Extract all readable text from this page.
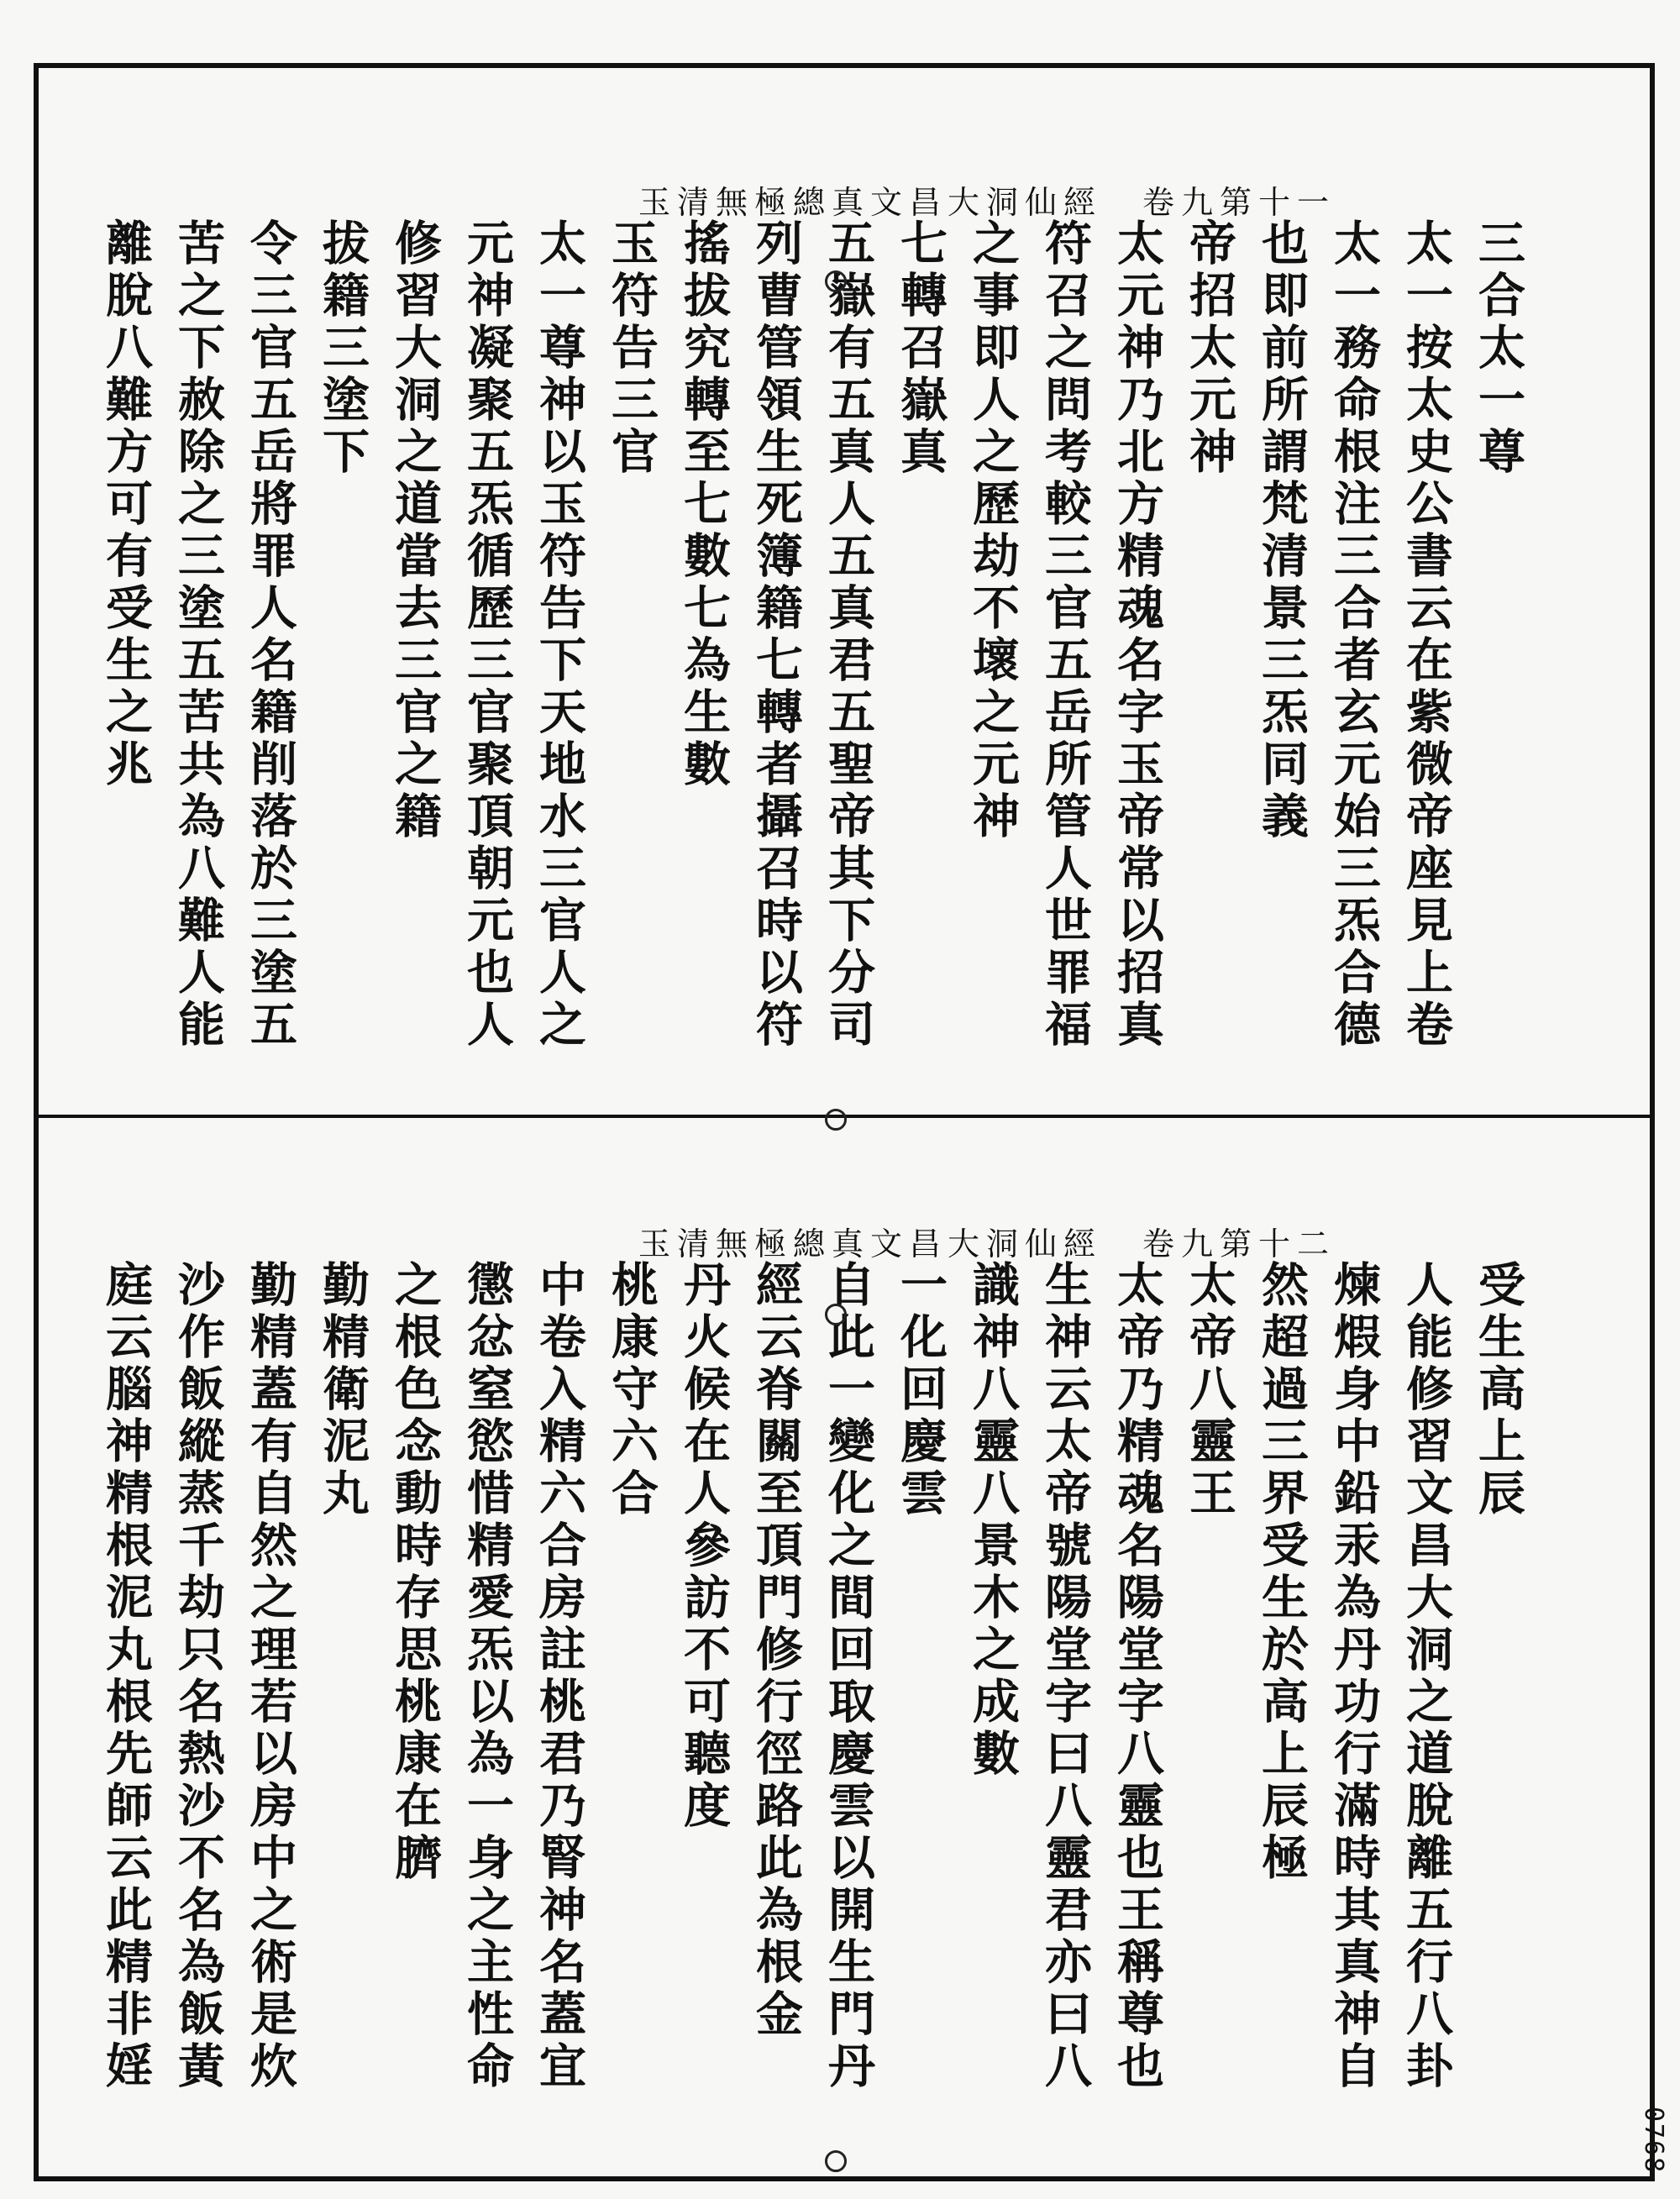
玉清無極總真文昌大洞仙經 卷九第十一
三合太一尊
太一按太史公書云在紫微帝座見上卷
太一務命根注三合者玄元始三炁合德
也即前所謂梵清景三炁同義
帝招太元神
太元神乃北方精魂名字玉帝常以招真
符召之問考較三官五岳所管人世罪福
之事即人之歷劫不壞之元神
七轉召嶽真
五嶽有五真人五真君五聖帝其下分司
列曹管領生死簿籍七轉者攝召時以符
搖拔究轉至七數七為生數
玉符告三官
太一尊神以玉符告下天地水三官人之
元神凝聚五炁循歷三官聚頂朝元也人
修習大洞之道當去三官之籍
拔籍三塗下
令三官五岳將罪人名籍削落於三塗五
苦之下赦除之三塗五苦共為八難人能
離脫八難方可有受生之兆
玉清無極總真文昌大洞仙經 卷九第十二
受生高上辰
人能修習文昌大洞之道脫離五行八卦
煉煆身中鉛汞為丹功行滿時其真神自
然超過三界受生於高上辰極
太帝八靈王
太帝乃精魂名陽堂字八靈也王稱尊也
生神云太帝號陽堂字曰八靈君亦曰八
識神八靈八景木之成數
一化回慶雲
自此一變化之間回取慶雲以開生門丹
經云脊關至頂門修行徑路此為根金
丹火候在人參訪不可聽度
桃康守六合
中卷入精六合房註桃君乃腎神名蓋宜
懲忿窒慾惜精愛炁以為一身之主性命
之根色念動時存思桃康在臍
勤精衛泥丸
勤精蓋有自然之理若以房中之術是炊
沙作飯縱蒸千劫只名熱沙不名為飯黃
庭云腦神精根泥丸根先師云此精非婬
0768
